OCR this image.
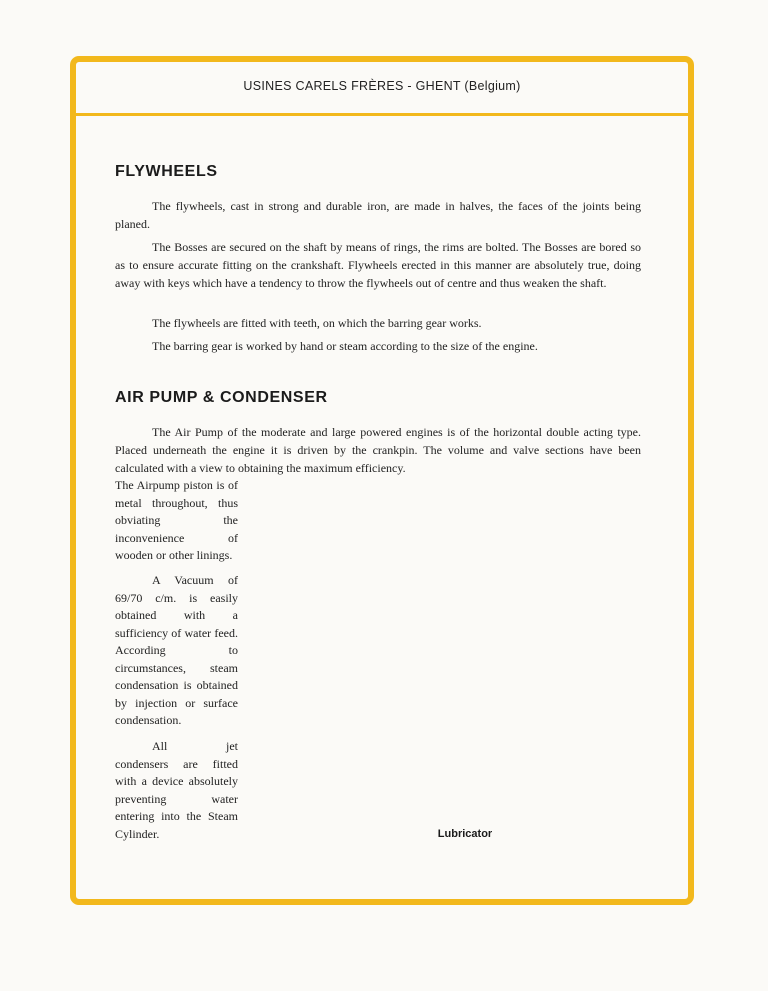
USINES CARELS FRÈRES - GHENT (Belgium)
FLYWHEELS

The flywheels, cast in strong and durable iron, are made in halves, the faces of the joints being planed.

The Bosses are secured on the shaft by means of rings, the rims are bolted. The Bosses are bored so as to ensure accurate fitting on the crankshaft. Flywheels erected in this manner are absolutely true, doing away with keys which have a tendency to throw the flywheels out of centre and thus weaken the shaft.

The flywheels are fitted with teeth, on which the barring gear works.

The barring gear is worked by hand or steam according to the size of the engine.

AIR PUMP & CONDENSER

The Air Pump of the moderate and large powered engines is of the horizontal double acting type. Placed underneath the engine it is driven by the crankpin. The volume and valve sections have been calculated with a view to obtaining the maximum efficiency.

The Airpump piston is of metal throughout, thus obviating the inconvenience of wooden or other linings.

A Vacuum of 69/70 c/m. is easily obtained with a sufficiency of water feed. According to circumstances, steam condensation is obtained by injection or surface condensation.

All jet condensers are fitted with a device absolutely preventing water entering into the Steam Cylinder.	Lubricator
